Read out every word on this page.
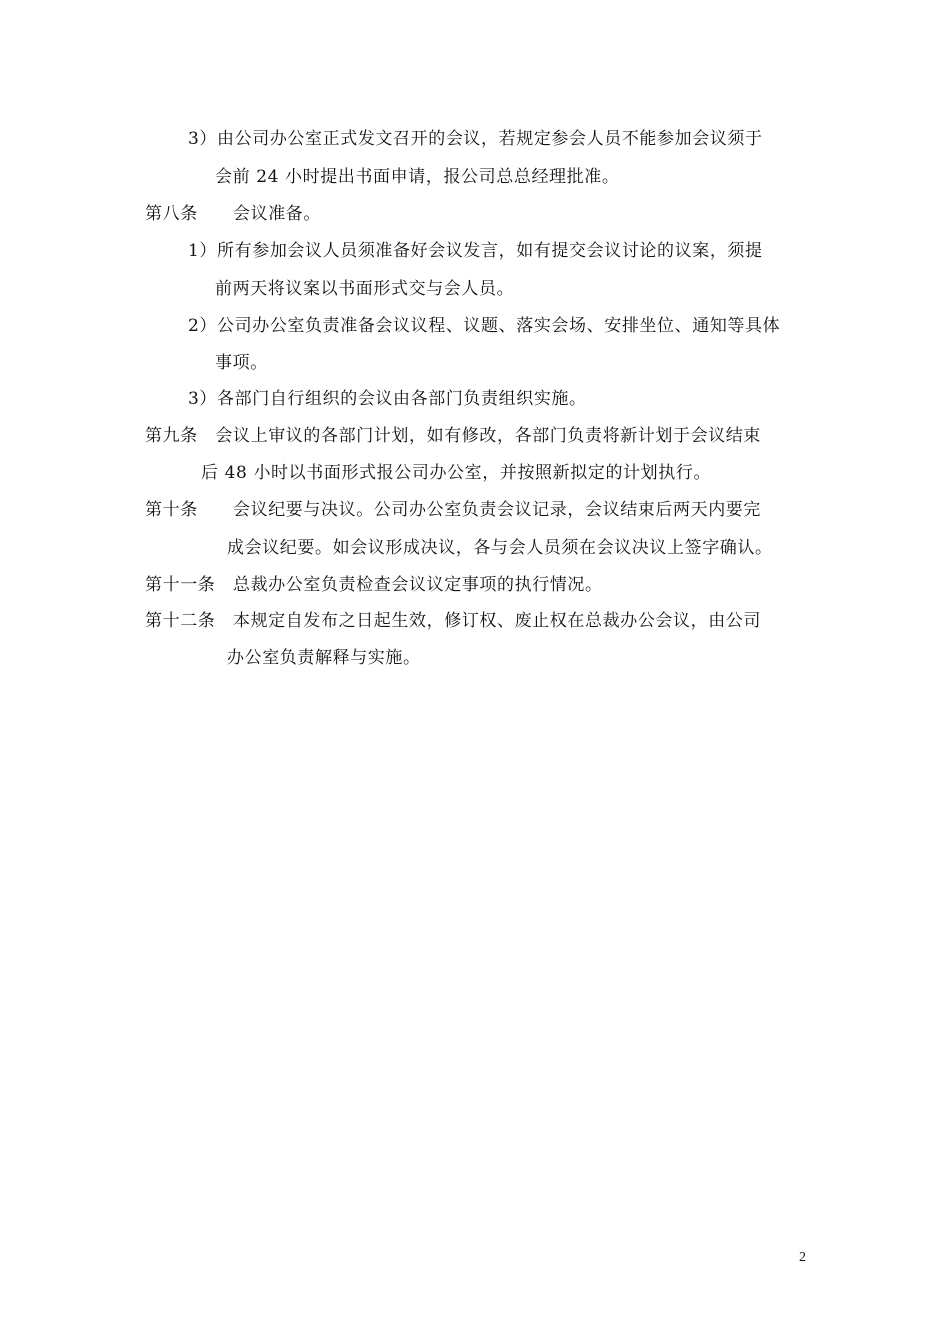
3）由公司办公室正式发文召开的会议，若规定参会人员不能参加会议须于
会前 24 小时提出书面申请，报公司总总经理批准。
第八条　　会议准备。
1）所有参加会议人员须准备好会议发言，如有提交会议讨论的议案，须提
前两天将议案以书面形式交与会人员。
2）公司办公室负责准备会议议程、议题、落实会场、安排坐位、通知等具体
事项。
3）各部门自行组织的会议由各部门负责组织实施。
第九条　会议上审议的各部门计划，如有修改，各部门负责将新计划于会议结束
后 48 小时以书面形式报公司办公室，并按照新拟定的计划执行。
第十条　　会议纪要与决议。公司办公室负责会议记录，会议结束后两天内要完
成会议纪要。如会议形成决议，各与会人员须在会议决议上签字确认。
第十一条　总裁办公室负责检查会议议定事项的执行情况。
第十二条　本规定自发布之日起生效，修订权、废止权在总裁办公会议，由公司
办公室负责解释与实施。
2
